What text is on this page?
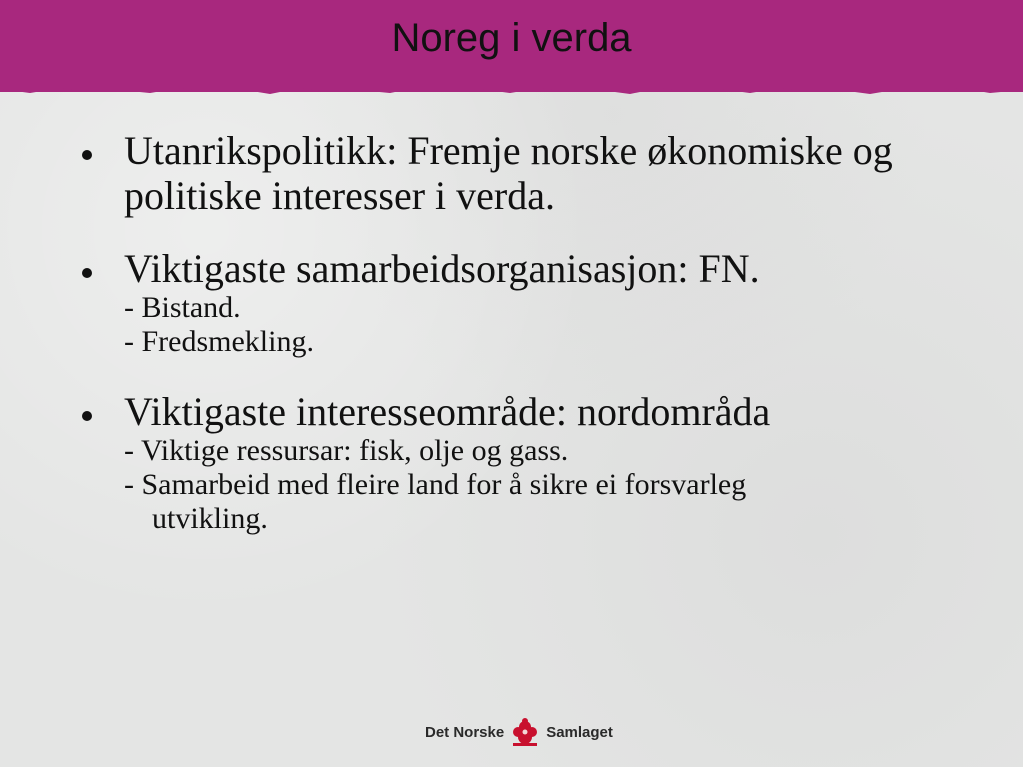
Noreg i verda
Utanrikspolitikk: Fremje norske økonomiske og politiske interesser i verda.
Viktigaste samarbeidsorganisasjon: FN.
- Bistand.
- Fredsmekling.
Viktigaste interesseområde: nordområda
- Viktige ressursar: fisk, olje og gass.
- Samarbeid med fleire land for å sikre ei forsvarleg
utvikling.
Det Norske	Samlaget
